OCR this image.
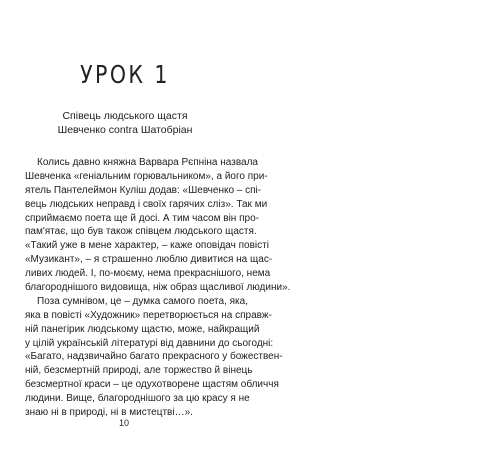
УРОК 1
Співець людського щастя
Шевченко contra Шатобріан
Колись давно княжна Варвара Рєпніна назвала
Шевченка «геніальним горювальником», а його при-
ятель Пантелеймон Куліш додав: «Шевченко – спі-
вець людських неправд і своїх гарячих сліз». Так ми
сприймаємо поета ще й досі. А тим часом він про-
пам'ятає, що був також співцем людського щастя.
«Такий уже в мене характер, – каже оповідач повісті
«Музикант», – я страшенно люблю дивитися на щас-
ливих людей. І, по-моєму, нема прекраснішого, нема
благороднішого видовища, ніж образ щасливої людини».
Поза сумнівом, це – думка самого поета, яка,
яка в повісті «Художник» перетворюється на справж-
ній панегірик людському щастю, може, найкращий
у цілій українській літературі від давнини до сьогодні:
«Багато, надзвичайно багато прекрасного у божествен-
ній, безсмертній природі, але торжество й вінець
безсмертної краси – це одухотворене щастям обличчя
людини. Вище, благороднішого за цю красу я не
знаю ні в природі, ні в мистецтві…».
10
